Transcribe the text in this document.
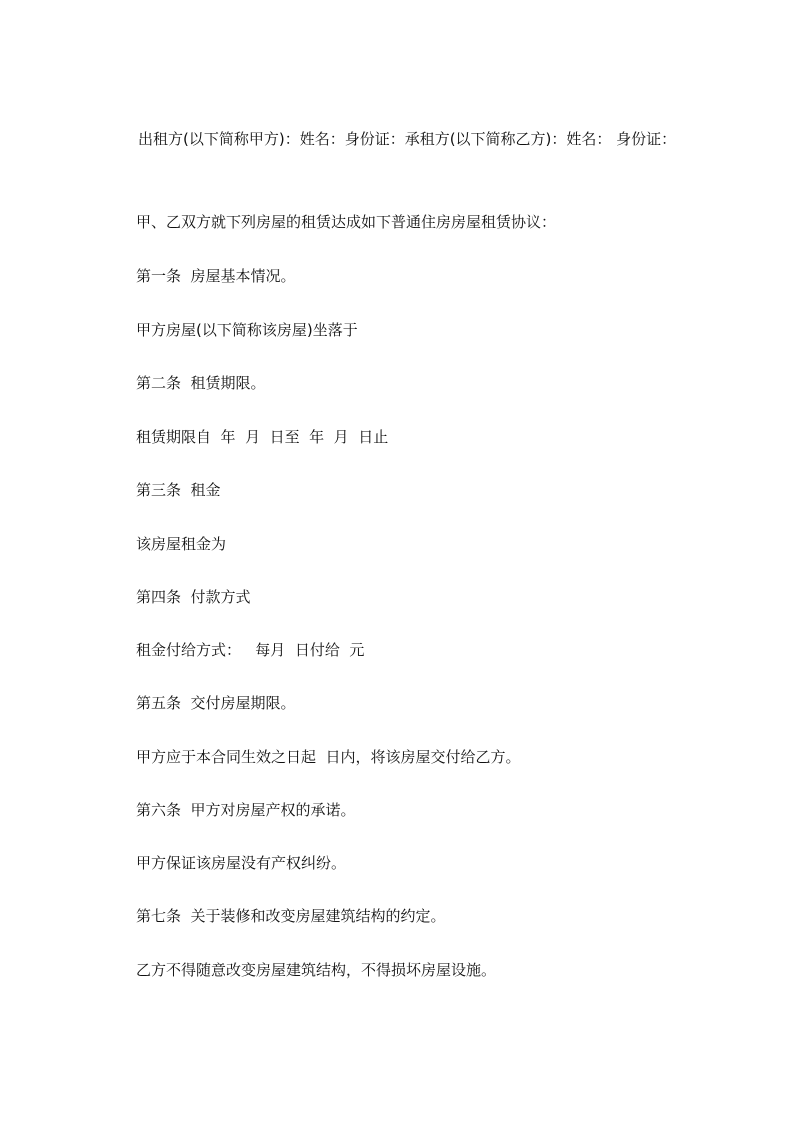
出租方(以下简称甲方)：姓名：身份证：承租方(以下简称乙方)：姓名： 身份证：

甲、乙双方就下列房屋的租赁达成如下普通住房房屋租赁协议：

第一条  房屋基本情况。

甲方房屋(以下简称该房屋)坐落于

第二条  租赁期限。

租赁期限自  年  月  日至  年  月  日止

第三条  租金

该房屋租金为

第四条  付款方式

租金付给方式：   每月  日付给  元

第五条  交付房屋期限。

甲方应于本合同生效之日起  日内，将该房屋交付给乙方。

第六条  甲方对房屋产权的承诺。

甲方保证该房屋没有产权纠纷。

第七条  关于装修和改变房屋建筑结构的约定。

乙方不得随意改变房屋建筑结构，不得损坏房屋设施。
